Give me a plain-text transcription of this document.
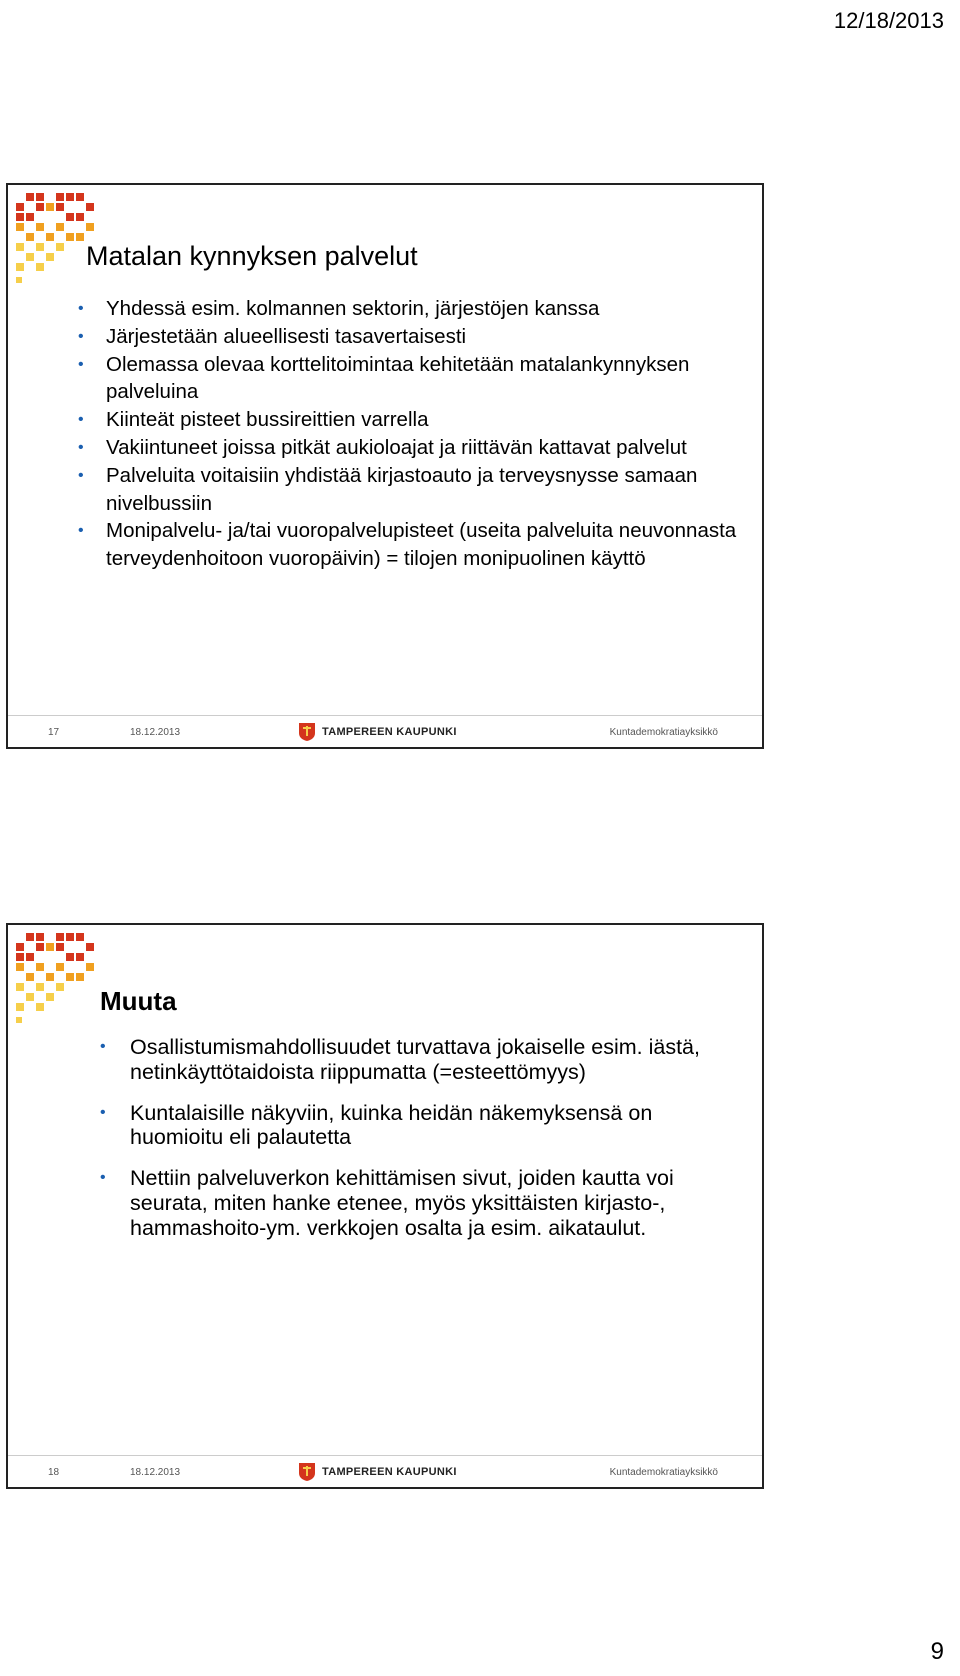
12/18/2013
Matalan kynnyksen palvelut
•	Yhdessä esim. kolmannen sektorin, järjestöjen kanssa
•	Järjestetään alueellisesti tasavertaisesti
•	Olemassa olevaa korttelitoimintaa kehitetään matalankynnyksen palveluina
•	Kiinteät pisteet bussireittien varrella
•	Vakiintuneet joissa pitkät aukioloajat ja riittävän kattavat palvelut
•	Palveluita voitaisiin yhdistää kirjastoauto ja terveysnysse samaan nivelbussiin
•	Monipalvelu- ja/tai vuoropalvelupisteet (useita palveluita neuvonnasta terveydenhoitoon vuoropäivin) = tilojen monipuolinen käyttö
17	18.12.2013	TAMPEREEN KAUPUNKI	Kuntademokratiayksikkö
Muuta
•	Osallistumismahdollisuudet turvattava jokaiselle esim. iästä, netinkäyttötaidoista riippumatta (=esteettömyys)
•	Kuntalaisille näkyviin, kuinka heidän näkemyksensä on huomioitu eli palautetta
•	Nettiin palveluverkon kehittämisen sivut, joiden kautta voi seurata, miten hanke etenee, myös yksittäisten kirjasto-, hammashoito-ym. verkkojen osalta ja esim. aikataulut.
18	18.12.2013	TAMPEREEN KAUPUNKI	Kuntademokratiayksikkö
9
